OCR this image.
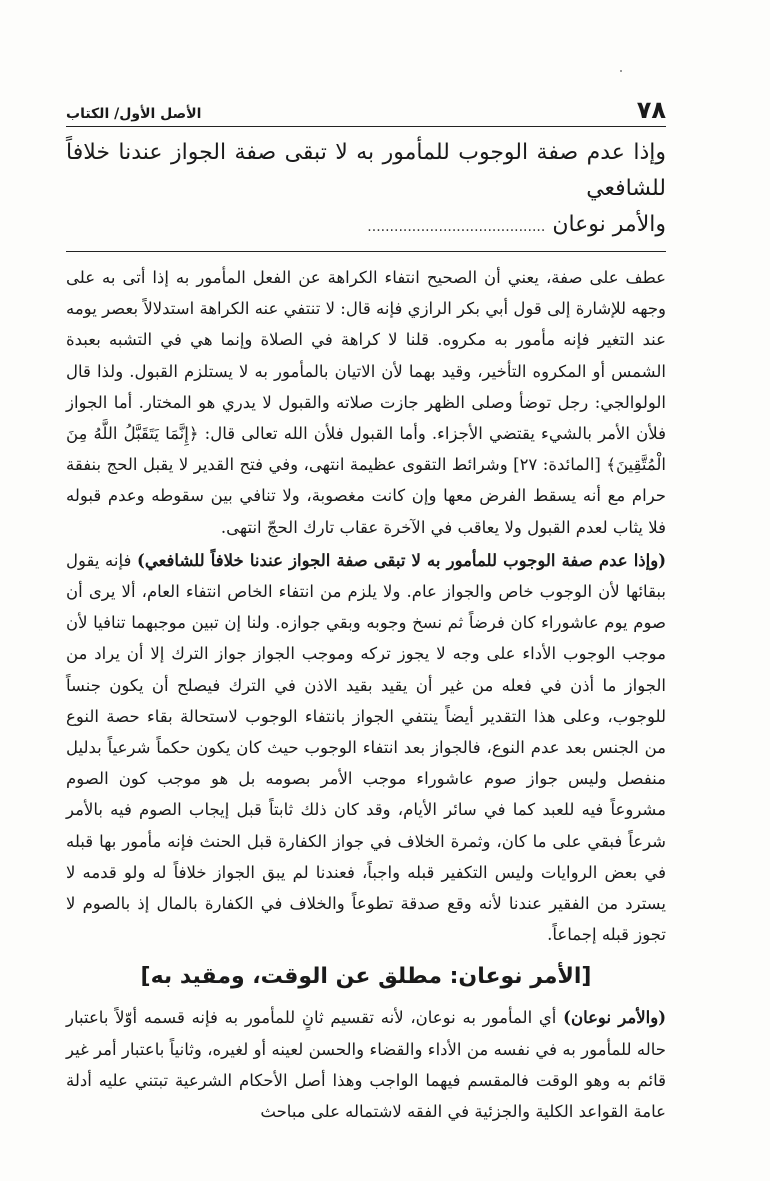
٧٨
الأصل الأول/ الكتاب

وإذا عدم صفة الوجوب للمأمور به لا تبقى صفة الجواز عندنا خلافاً للشافعي

والأمر نوعان ........................................

عطف على صفة، يعني أن الصحيح انتفاء الكراهة عن الفعل المأمور به إذا أتى به على وجهه للإشارة إلى قول أبي بكر الرازي فإنه قال: لا تنتفي عنه الكراهة استدلالاً بعصر يومه عند التغير فإنه مأمور به مكروه. قلنا لا كراهة في الصلاة وإنما هي في التشبه بعبدة الشمس أو المكروه التأخير، وقيد بهما لأن الاتيان بالمأمور به لا يستلزم القبول. ولذا قال الولوالجي: رجل توضأ وصلى الظهر جازت صلاته والقبول لا يدري هو المختار. أما الجواز فلأن الأمر بالشيء يقتضي الأجزاء. وأما القبول فلأن الله تعالى قال: ﴿إِنَّمَا يَتَقَبَّلُ اللَّهُ مِنَ الْمُتَّقِينَ﴾ [المائدة: ٢٧] وشرائط التقوى عظيمة انتهى، وفي فتح القدير لا يقبل الحج بنفقة حرام مع أنه يسقط الفرض معها وإن كانت مغصوبة، ولا تنافي بين سقوطه وعدم قبوله فلا يثاب لعدم القبول ولا يعاقب في الآخرة عقاب تارك الحجّ انتهى.

(وإذا عدم صفة الوجوب للمأمور به لا تبقى صفة الجواز عندنا خلافاً للشافعي) فإنه يقول ببقائها لأن الوجوب خاص والجواز عام. ولا يلزم من انتفاء الخاص انتفاء العام، ألا يرى أن صوم يوم عاشوراء كان فرضاً ثم نسخ وجوبه وبقي جوازه. ولنا إن تبين موجبهما تنافيا لأن موجب الوجوب الأداء على وجه لا يجوز تركه وموجب الجواز جواز الترك إلا أن يراد من الجواز ما أذن في فعله من غير أن يقيد بقيد الاذن في الترك فيصلح أن يكون جنساً للوجوب، وعلى هذا التقدير أيضاً ينتفي الجواز بانتفاء الوجوب لاستحالة بقاء حصة النوع من الجنس بعد عدم النوع، فالجواز بعد انتفاء الوجوب حيث كان يكون حكماً شرعياً بدليل منفصل وليس جواز صوم عاشوراء موجب الأمر بصومه بل هو موجب كون الصوم مشروعاً فيه للعبد كما في سائر الأيام، وقد كان ذلك ثابتاً قبل إيجاب الصوم فيه بالأمر شرعاً فبقي على ما كان، وثمرة الخلاف في جواز الكفارة قبل الحنث فإنه مأمور بها قبله في بعض الروايات وليس التكفير قبله واجباً، فعندنا لم يبق الجواز خلافاً له ولو قدمه لا يسترد من الفقير عندنا لأنه وقع صدقة تطوعاً والخلاف في الكفارة بالمال إذ بالصوم لا تجوز قبله إجماعاً.

[الأمر نوعان: مطلق عن الوقت، ومقيد به]

(والأمر نوعان) أي المأمور به نوعان، لأنه تقسيم ثانٍ للمأمور به فإنه قسمه أوّلاً باعتبار حاله للمأمور به في نفسه من الأداء والقضاء والحسن لعينه أو لغيره، وثانياً باعتبار أمر غير قائم به وهو الوقت فالمقسم فيهما الواجب وهذا أصل الأحكام الشرعية تبتني عليه أدلة عامة القواعد الكلية والجزئية في الفقه لاشتماله على مباحث
